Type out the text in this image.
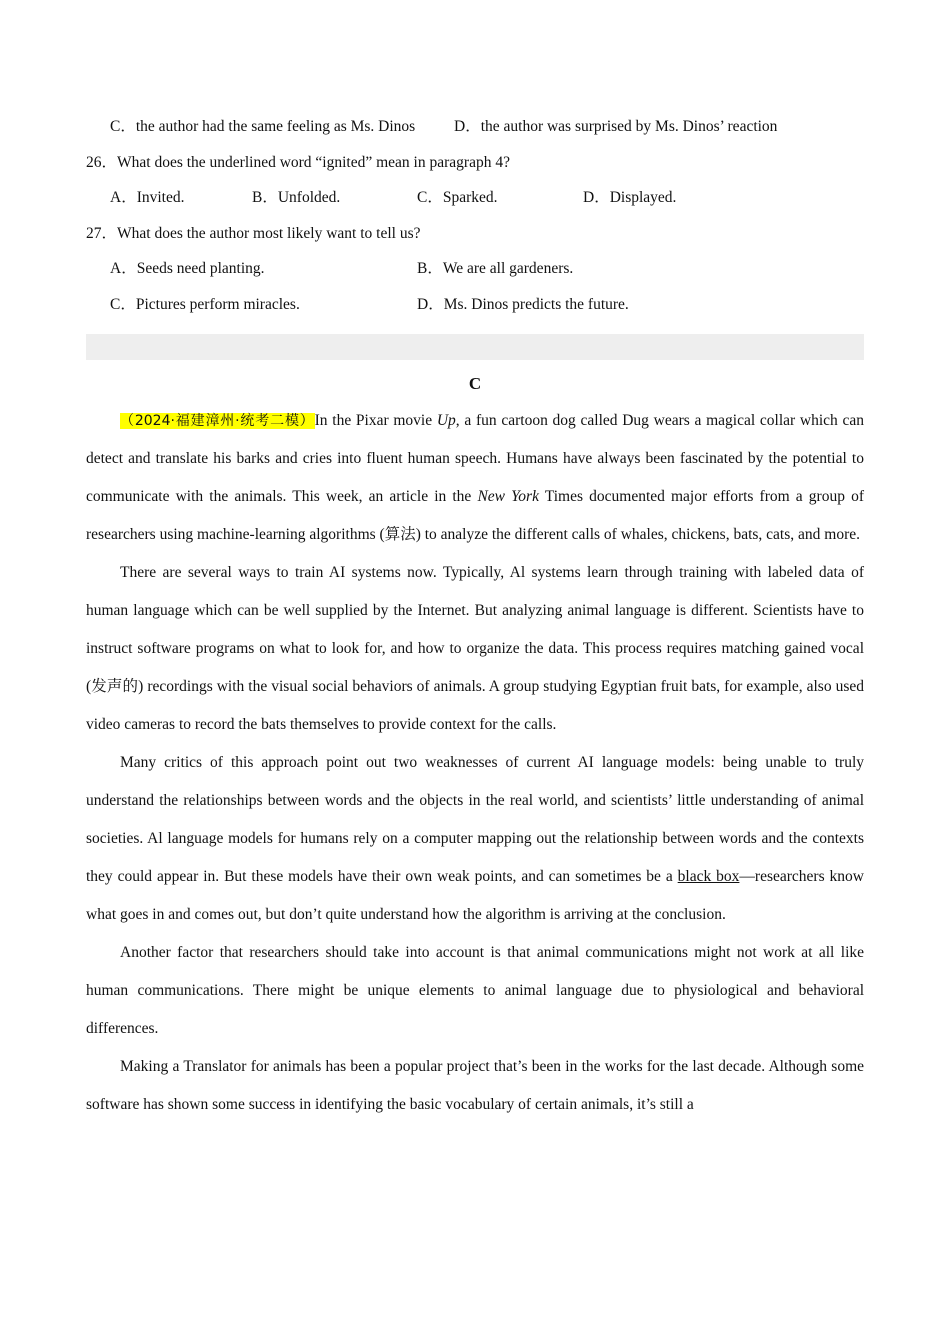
C．the author had the same feeling as Ms. Dinos	D．the author was surprised by Ms. Dinos’ reaction
26．What does the underlined word “ignited” mean in paragraph 4?
A．Invited.	B．Unfolded.	C．Sparked.	D．Displayed.
27．What does the author most likely want to tell us?
A．Seeds need planting.	B．We are all gardeners.
C．Pictures perform miracles.	D．Ms. Dinos predicts the future.
C

（2024·福建漳州·统考二模）In the Pixar movie Up, a fun cartoon dog called Dug wears a magical collar which can detect and translate his barks and cries into fluent human speech. Humans have always been fascinated by the potential to communicate with the animals. This week, an article in the New York Times documented major efforts from a group of researchers using machine-learning algorithms (算法) to analyze the different calls of whales, chickens, bats, cats, and more.

There are several ways to train AI systems now. Typically, Al systems learn through training with labeled data of human language which can be well supplied by the Internet. But analyzing animal language is different. Scientists have to instruct software programs on what to look for, and how to organize the data. This process requires matching gained vocal (发声的) recordings with the visual social behaviors of animals. A group studying Egyptian fruit bats, for example, also used video cameras to record the bats themselves to provide context for the calls.

Many critics of this approach point out two weaknesses of current AI language models: being unable to truly understand the relationships between words and the objects in the real world, and scientists’ little understanding of animal societies. Al language models for humans rely on a computer mapping out the relationship between words and the contexts they could appear in. But these models have their own weak points, and can sometimes be a black box—researchers know what goes in and comes out, but don’t quite understand how the algorithm is arriving at the conclusion.

Another factor that researchers should take into account is that animal communications might not work at all like human communications. There might be unique elements to animal language due to physiological and behavioral differences.

Making a Translator for animals has been a popular project that’s been in the works for the last decade. Although some software has shown some success in identifying the basic vocabulary of certain animals, it’s still a
